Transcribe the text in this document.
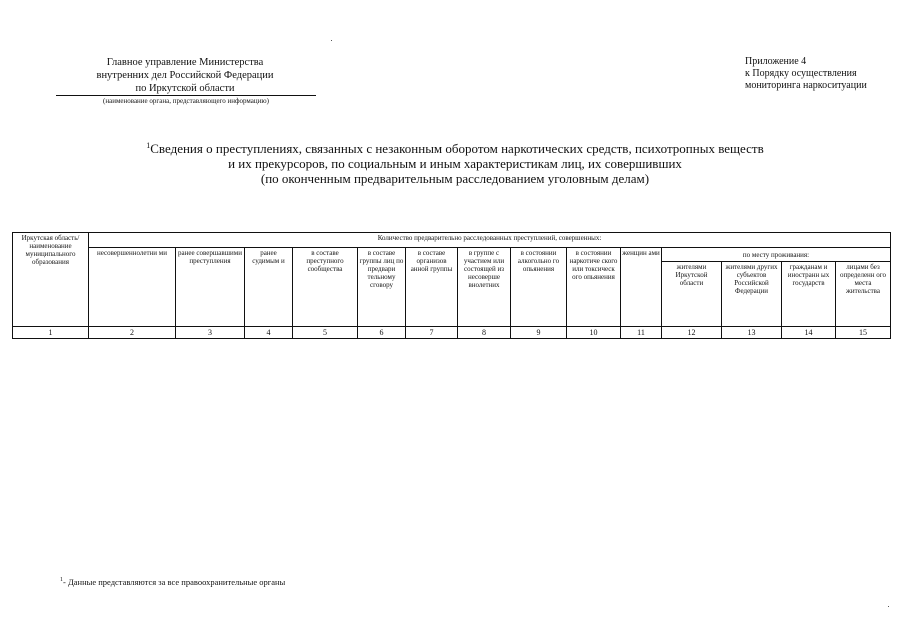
Главное управление Министерства
внутренних дел Российской Федерации
по Иркутской области
(наименование органа, представляющего информацию)
Приложение 4
к Порядку осуществления
мониторинга наркоситуации
$^1$Сведения о преступлениях, связанных с незаконным оборотом наркотических средств, психотропных веществ
и их прекурсоров, по социальным и иным характеристикам лиц, их совершивших
(по оконченным предварительным расследованием уголовным делам)
Иркутская область/ наименование муниципального образования	Количество предварительно расследованных преступлений, совершенных:													
	несовершеннолетни ми	ранее совершавшими преступления	ранее судимым и	в составе преступного сообщества	в составе группы лиц по предвари тельному сговору	в составе организов анной группы	в группе с участием или состоящей из несоверше внолетних	в состоянии алкогольно го опьянения	в состоянии наркотиче ского или токсическ ого опьянения	женщин ами	по месту проживания:			
											жителями Иркутской области	жителями других субъектов Российской Федерации	гражданам и иностранн ых государств	лицами без определенн ого места жительства
1	2	3	4	5	6	7	8	9	10	11	12	13	14	15
$^1$- Данные представляются за все правоохранительные органы
